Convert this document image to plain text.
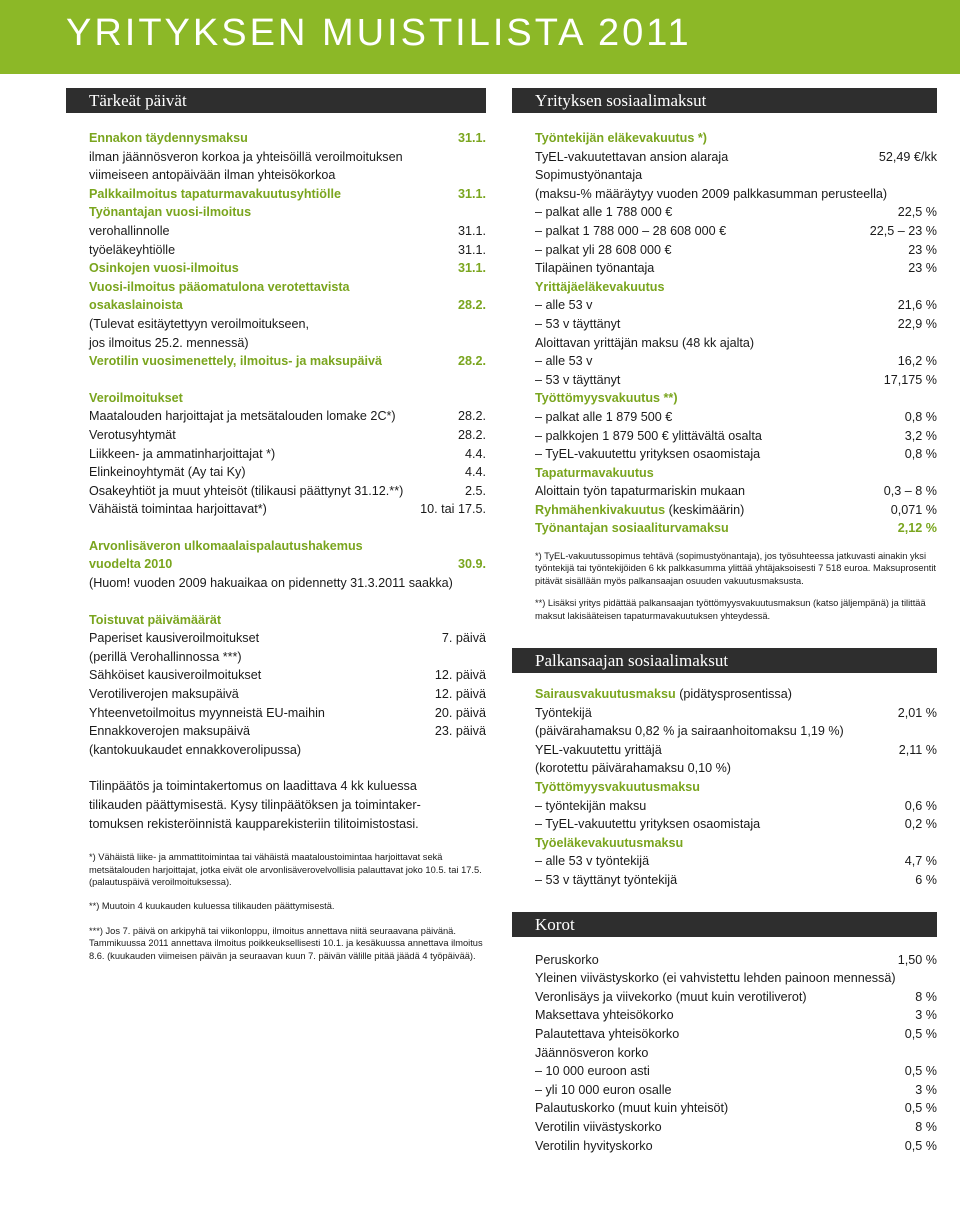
YRITYKSEN MUISTILISTA 2011
Tärkeät päivät
Ennakon täydennysmaksu	31.1.
ilman jäännösveron korkoa ja yhteisöillä veroilmoituksen
viimeiseen antopäivään ilman yhteisökorkoa
Palkkailmoitus tapaturmavakuutusyhtiölle	31.1.
Työnantajan vuosi-ilmoitus
verohallinnolle	31.1.
työeläkeyhtiölle	31.1.
Osinkojen vuosi-ilmoitus	31.1.
Vuosi-ilmoitus pääomatulona verotettavista
osakaslainoista	28.2.
(Tulevat esitäytettyyn veroilmoitukseen,
jos ilmoitus 25.2. mennessä)
Verotilin vuosimenettely, ilmoitus- ja maksupäivä	28.2.
Veroilmoitukset
Maatalouden harjoittajat ja metsätalouden lomake 2C*)	28.2.
Verotusyhtymät	28.2.
Liikkeen- ja ammatinharjoittajat *)	4.4.
Elinkeinoyhtymät (Ay tai Ky)	4.4.
Osakeyhtiöt ja muut yhteisöt (tilikausi päättynyt 31.12.**)	2.5.
Vähäistä toimintaa harjoittavat*)	10. tai 17.5.
Arvonlisäveron ulkomaalaispalautushakemus
vuodelta 2010	30.9.
(Huom! vuoden 2009 hakuaikaa on pidennetty 31.3.2011 saakka)
Toistuvat päivämäärät
Paperiset kausiveroilmoitukset	7. päivä
(perillä Verohallinnossa ***)
Sähköiset kausiveroilmoitukset	12. päivä
Verotiliverojen maksupäivä	12. päivä
Yhteenvetoilmoitus myynneistä EU-maihin	20. päivä
Ennakkoverojen maksupäivä	23. päivä
(kantokuukaudet ennakkoverolipussa)
Tilinpäätös ja toimintakertomus on laadittava 4 kk kuluessa
tilikauden päättymisestä. Kysy tilinpäätöksen ja toimintaker-
tomuksen rekisteröinnistä kaupparekisteriin tilitoimistostasi.
*) Vähäistä liike- ja ammattitoimintaa tai vähäistä maataloustoimintaa harjoittavat sekä metsätalouden harjoittajat, jotka eivät ole arvonlisäverovelvollisia palauttavat joko 10.5. tai 17.5. (palautuspäivä veroilmoituksessa).
**) Muutoin 4 kuukauden kuluessa tilikauden päättymisestä.
***) Jos 7. päivä on arkipyhä tai viikonloppu, ilmoitus annettava niitä seuraavana päivänä. Tammikuussa 2011 annettava ilmoitus poikkeuksellisesti 10.1. ja kesäkuussa annettava ilmoitus 8.6. (kuukauden viimeisen päivän ja seuraavan kuun 7. päivän välille pitää jäädä 4 työpäivää).
Yrityksen sosiaalimaksut
Työntekijän eläkevakuutus *)
TyEL-vakuutettavan ansion alaraja	52,49 €/kk
Sopimustyönantaja
(maksu-% määräytyy vuoden 2009 palkkasumman perusteella)
– palkat alle 1 788 000 €	22,5 %
– palkat 1 788 000 – 28 608 000 €	22,5 – 23 %
– palkat yli 28 608 000 €	23 %
Tilapäinen työnantaja	23 %
Yrittäjäeläkevakuutus
– alle 53 v	21,6 %
– 53 v täyttänyt	22,9 %
Aloittavan yrittäjän maksu (48 kk ajalta)
– alle 53 v	16,2 %
– 53 v täyttänyt	17,175 %
Työttömyysvakuutus **)
– palkat alle 1 879 500 €	0,8 %
– palkkojen 1 879 500 € ylittävältä osalta	3,2 %
– TyEL-vakuutettu yrityksen osaomistaja	0,8 %
Tapaturmavakuutus
Aloittain työn tapaturmariskin mukaan	0,3 – 8 %
Ryhmähenkivakuutus (keskimäärin)	0,071 %
Työnantajan sosiaaliturvamaksu	2,12 %
*) TyEL-vakuutussopimus tehtävä (sopimustyönantaja), jos työsuhteessa jatkuvasti ainakin yksi työntekijä tai työntekijöiden 6 kk palkkasumma ylittää yhtäjaksoisesti 7 518 euroa. Maksuprosentit pitävät sisällään myös palkansaajan osuuden vakuutusmaksusta.
**) Lisäksi yritys pidättää palkansaajan työttömyysvakuutusmaksun (katso jäljempänä) ja tilittää maksut lakisääteisen tapaturmavakuutuksen yhteydessä.
Palkansaajan sosiaalimaksut
Sairausvakuutusmaksu (pidätysprosentissa)
Työntekijä	2,01 %
(päivärahamaksu 0,82 % ja sairaanhoitomaksu 1,19 %)
YEL-vakuutettu yrittäjä	2,11 %
(korotettu päivärahamaksu 0,10 %)
Työttömyysvakuutusmaksu
– työntekijän maksu	0,6 %
– TyEL-vakuutettu yrityksen osaomistaja	0,2 %
Työeläkevakuutusmaksu
– alle 53 v työntekijä	4,7 %
– 53 v täyttänyt työntekijä	6 %
Korot
Peruskorko	1,50 %
Yleinen viivästyskorko (ei vahvistettu lehden painoon mennessä)
Veronlisäys ja viivekorko (muut kuin verotiliverot)	8 %
Maksettava yhteisökorko	3 %
Palautettava yhteisökorko	0,5 %
Jäännösveron korko
– 10 000 euroon asti	0,5 %
– yli 10 000 euron osalle	3 %
Palautuskorko (muut kuin yhteisöt)	0,5 %
Verotilin viivästyskorko	8 %
Verotilin hyvityskorko	0,5 %
